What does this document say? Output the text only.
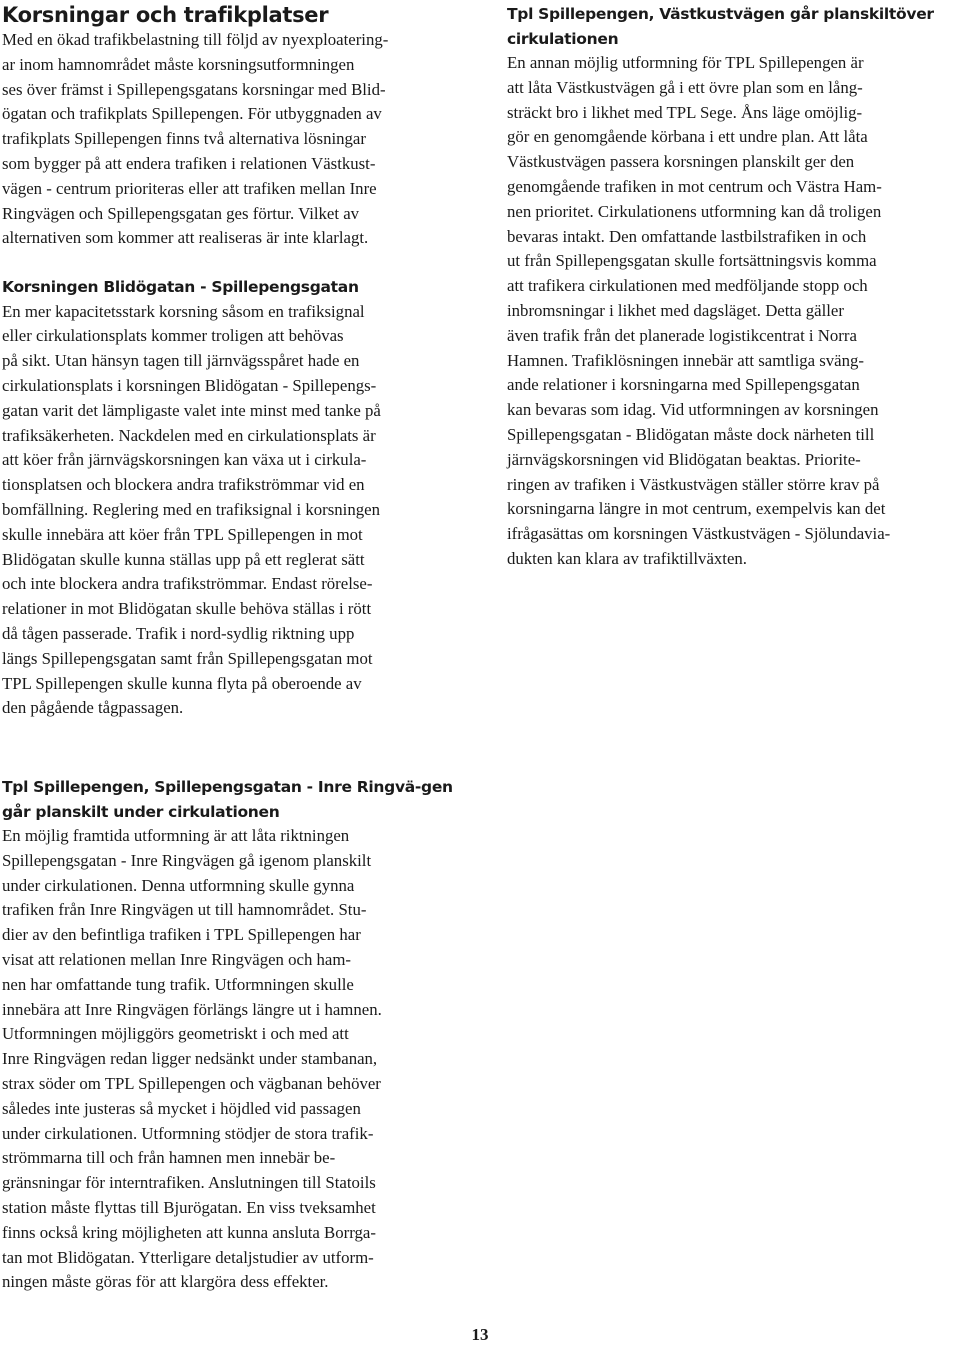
Korsningar och trafikplatser

Med en ökad trafikbelastning till följd av nyexploatering-
ar inom hamnområdet måste korsningsutformningen
ses över främst i Spillepengsgatans korsningar med Blid-
ögatan och trafikplats Spillepengen. För utbyggnaden av
trafikplats Spillepengen finns två alternativa lösningar
som bygger på att endera trafiken i relationen Västkust-
vägen - centrum prioriteras eller att trafiken mellan Inre
Ringvägen och Spillepengsgatan ges förtur. Vilket av
alternativen som kommer att realiseras är inte klarlagt.

Korsningen Blidögatan - Spillepengsgatan

En mer kapacitetsstark korsning såsom en trafiksignal
eller cirkulationsplats kommer troligen att behövas
på sikt. Utan hänsyn tagen till järnvägsspåret hade en
cirkulationsplats i korsningen Blidögatan - Spillepengs-
gatan varit det lämpligaste valet inte minst med tanke på
trafiksäkerheten. Nackdelen med en cirkulationsplats är
att köer från järnvägskorsningen kan växa ut i cirkula-
tionsplatsen och blockera andra trafikströmmar vid en
bomfällning. Reglering med en trafiksignal i korsningen
skulle innebära att köer från TPL Spillepengen in mot
Blidögatan skulle kunna ställas upp på ett reglerat sätt
och inte blockera andra trafikströmmar. Endast rörelse-
relationer in mot Blidögatan skulle behöva ställas i rött
då tågen passerade. Trafik i nord-sydlig riktning upp
längs Spillepengsgatan samt från Spillepengsgatan mot
TPL Spillepengen skulle kunna flyta på oberoende av
den pågående tågpassagen.

Tpl Spillepengen, Västkustvägen går planskiltöver cirkulationen

En annan möjlig utformning för TPL Spillepengen är
att låta Västkustvägen gå i ett övre plan som en lång-
sträckt bro i likhet med TPL Sege. Åns läge omöjlig-
gör en genomgående körbana i ett undre plan. Att låta
Västkustvägen passera korsningen planskilt ger den
genomgående trafiken in mot centrum och Västra Ham-
nen prioritet. Cirkulationens utformning kan då troligen
bevaras intakt. Den omfattande lastbilstrafiken in och
ut från Spillepengsgatan skulle fortsättningsvis komma
att trafikera cirkulationen med medföljande stopp och
inbromsningar i likhet med dagsläget. Detta gäller
även trafik från det planerade logistikcentrat i Norra
Hamnen. Trafiklösningen innebär att samtliga sväng-
ande relationer i korsningarna med Spillepengsgatan
kan bevaras som idag. Vid utformningen av korsningen
Spillepengsgatan - Blidögatan måste dock närheten till
järnvägskorsningen vid Blidögatan beaktas. Priorite-
ringen av trafiken i Västkustvägen ställer större krav på
korsningarna längre in mot centrum, exempelvis kan det
ifrågasättas om korsningen Västkustvägen - Sjölundavia-
dukten kan klara av trafiktillväxten.

Tpl Spillepengen, Spillepengsgatan - Inre Ringvä-gen går planskilt under cirkulationen

En möjlig framtida utformning är att låta riktningen
Spillepengsgatan - Inre Ringvägen gå igenom planskilt
under cirkulationen. Denna utformning skulle gynna
trafiken från Inre Ringvägen ut till hamnområdet. Stu-
dier av den befintliga trafiken i TPL Spillepengen har
visat att relationen mellan Inre Ringvägen och ham-
nen har omfattande tung trafik. Utformningen skulle
innebära att Inre Ringvägen förlängs längre ut i hamnen.
Utformningen möjliggörs geometriskt i och med att
Inre Ringvägen redan ligger nedsänkt under stambanan,
strax söder om TPL Spillepengen och vägbanan behöver
således inte justeras så mycket i höjdled vid passagen
under cirkulationen. Utformning stödjer de stora trafik-
strömmarna till och från hamnen men innebär be-
gränsningar för interntrafiken. Anslutningen till Statoils
station måste flyttas till Bjurögatan. En viss tveksamhet
finns också kring möjligheten att kunna ansluta Borrga-
tan mot Blidögatan. Ytterligare detaljstudier av utform-
ningen måste göras för att klargöra dess effekter.

13
